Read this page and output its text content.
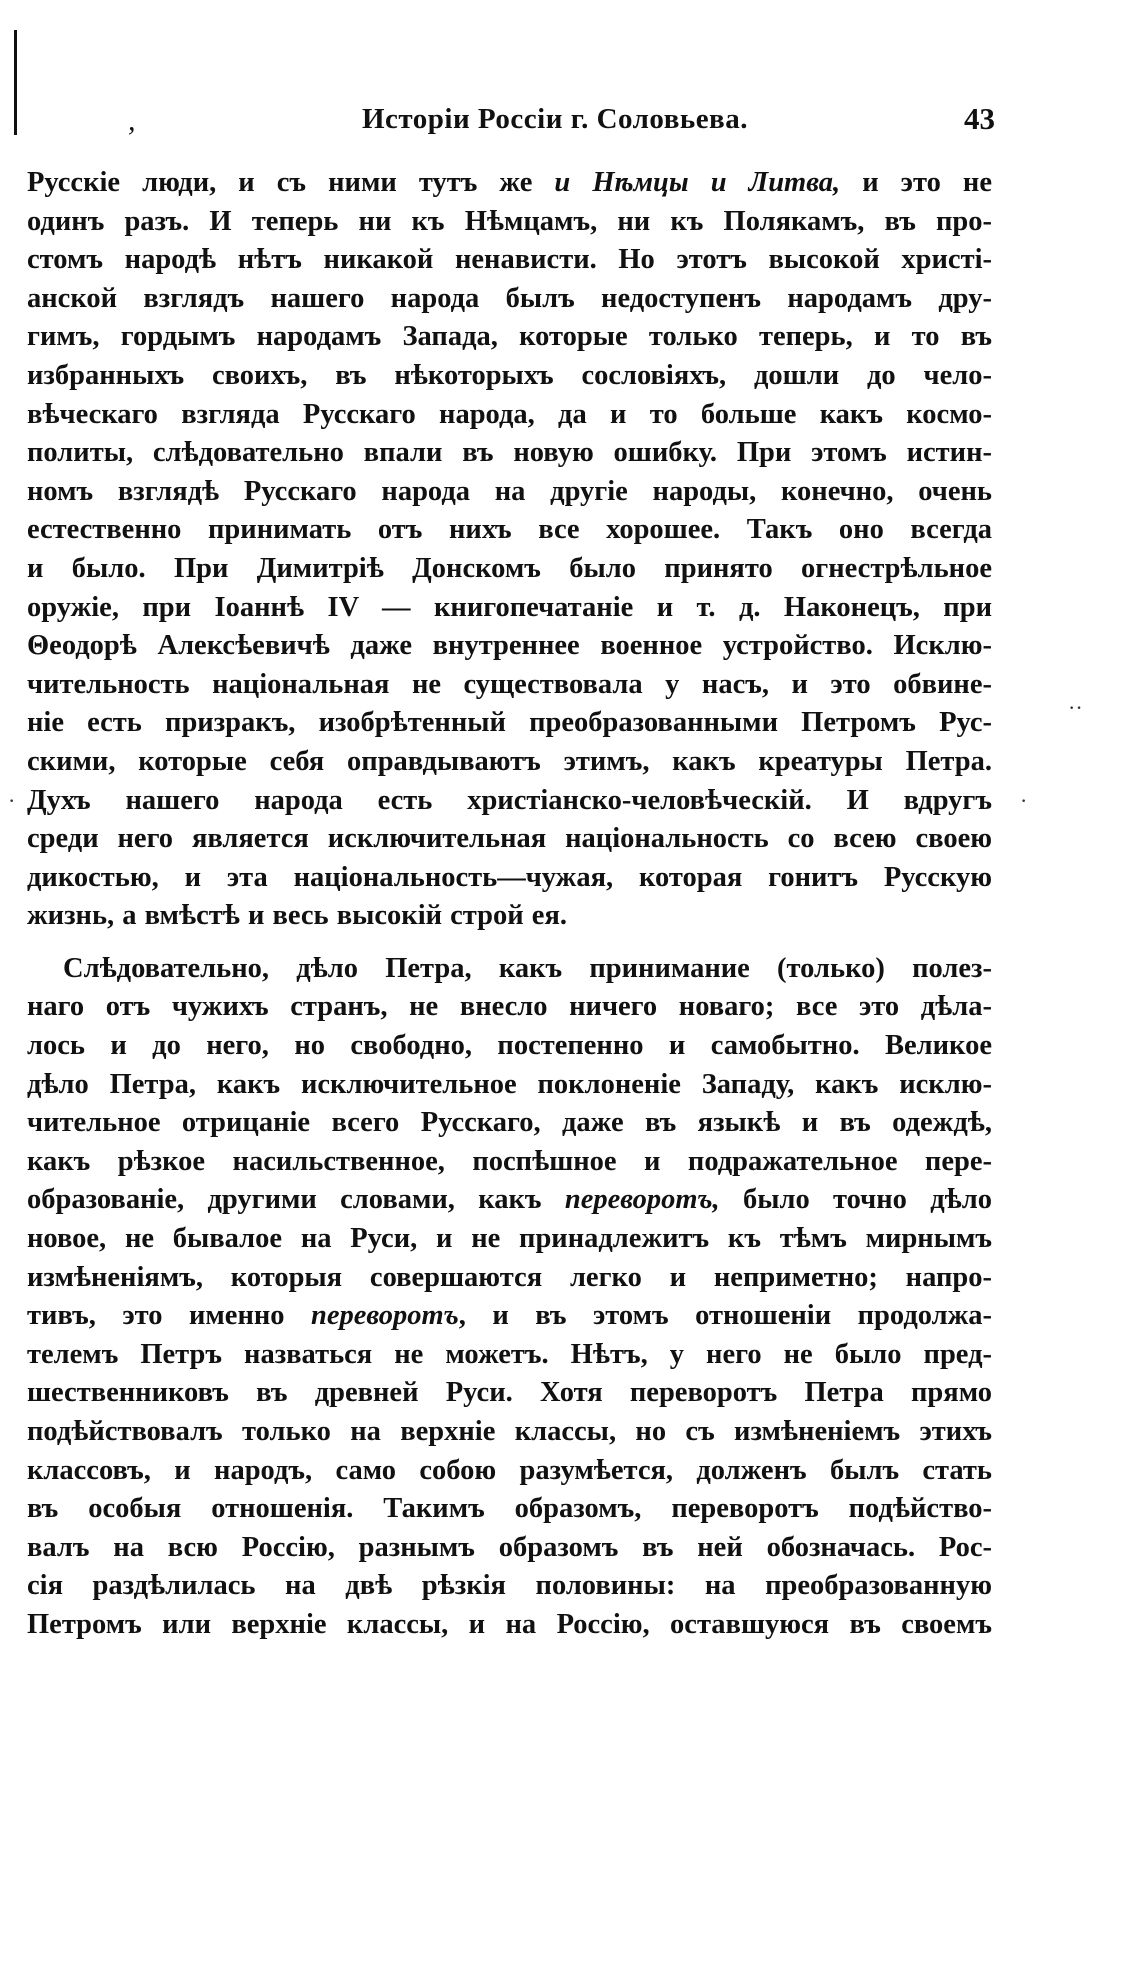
,	Исторiи Россiи г. Соловьева.	43
Русскiе люди, и съ ними тутъ же и Нѣмцы и Литва, и это не
одинъ разъ. И теперь ни къ Нѣмцамъ, ни къ Полякамъ, въ про-
стомъ народѣ нѣтъ никакой ненависти. Но этотъ высокой христi-
анской взглядъ нашего народа былъ недоступенъ народамъ дру-
гимъ, гордымъ народамъ Запада, которые только теперь, и то въ
избранныхъ своихъ, въ нѣкоторыхъ сословiяхъ, дошли до чело-
вѣческаго взгляда Русскаго народа, да и то больше какъ космо-
политы, слѣдовательно впали въ новую ошибку. При этомъ истин-
номъ взглядѣ Русскаго народа на другiе народы, конечно, очень
естественно принимать отъ нихъ все хорошее. Такъ оно всегда
и было. При Димитрiѣ Донскомъ было принято огнестрѣльное
оружiе, при Iоаннѣ IV — книгопечатанiе и т. д. Наконецъ, при
Θеодорѣ Алексѣевичѣ даже внутреннее военное устройство. Исклю-
чительность нацiональная не существовала у насъ, и это обвине-
нiе есть призракъ, изобрѣтенный преобразованными Петромъ Рус-
скими, которые себя оправдываютъ этимъ, какъ креатуры Петра.
Духъ нашего народа есть христiанско-человѣческiй. И вдругъ
среди него является исключительная нацiональность со всею своею
дикостью, и эта нацiональность—чужая, которая гонитъ Русскую
жизнь, а вмѣстѣ и весь высокiй строй ея.
Слѣдовательно, дѣло Петра, какъ принимание (только) полез-
наго отъ чужихъ странъ, не внесло ничего новаго; все это дѣла-
лось и до него, но свободно, постепенно и самобытно. Великое
дѣло Петра, какъ исключительное поклоненiе Западу, какъ исклю-
чительное отрицанiе всего Русскаго, даже въ языкѣ и въ одеждѣ,
какъ рѣзкое насильственное, поспѣшное и подражательное пере-
образованiе, другими словами, какъ переворотъ, было точно дѣло
новое, не бывалое на Руси, и не принадлежитъ къ тѣмъ мирнымъ
измѣненiямъ, которыя совершаются легко и неприметно; напро-
тивъ, это именно переворотъ, и въ этомъ отношенiи продолжа-
телемъ Петръ назваться не можетъ. Нѣтъ, у него не было пред-
шественниковъ въ древней Руси. Хотя переворотъ Петра прямо
подѣйствовалъ только на верхнiе классы, но съ измѣненiемъ этихъ
классовъ, и народъ, само собою разумѣется, долженъ былъ стать
въ особыя отношенiя. Такимъ образомъ, переворотъ подѣйство-
валъ на всю Россiю, разнымъ образомъ въ ней обозначась. Рос-
сiя раздѣлилась на двѣ рѣзкiя половины: на преобразованную
Петромъ или верхнiе классы, и на Россiю, оставшуюся въ своемъ
··
·	·
